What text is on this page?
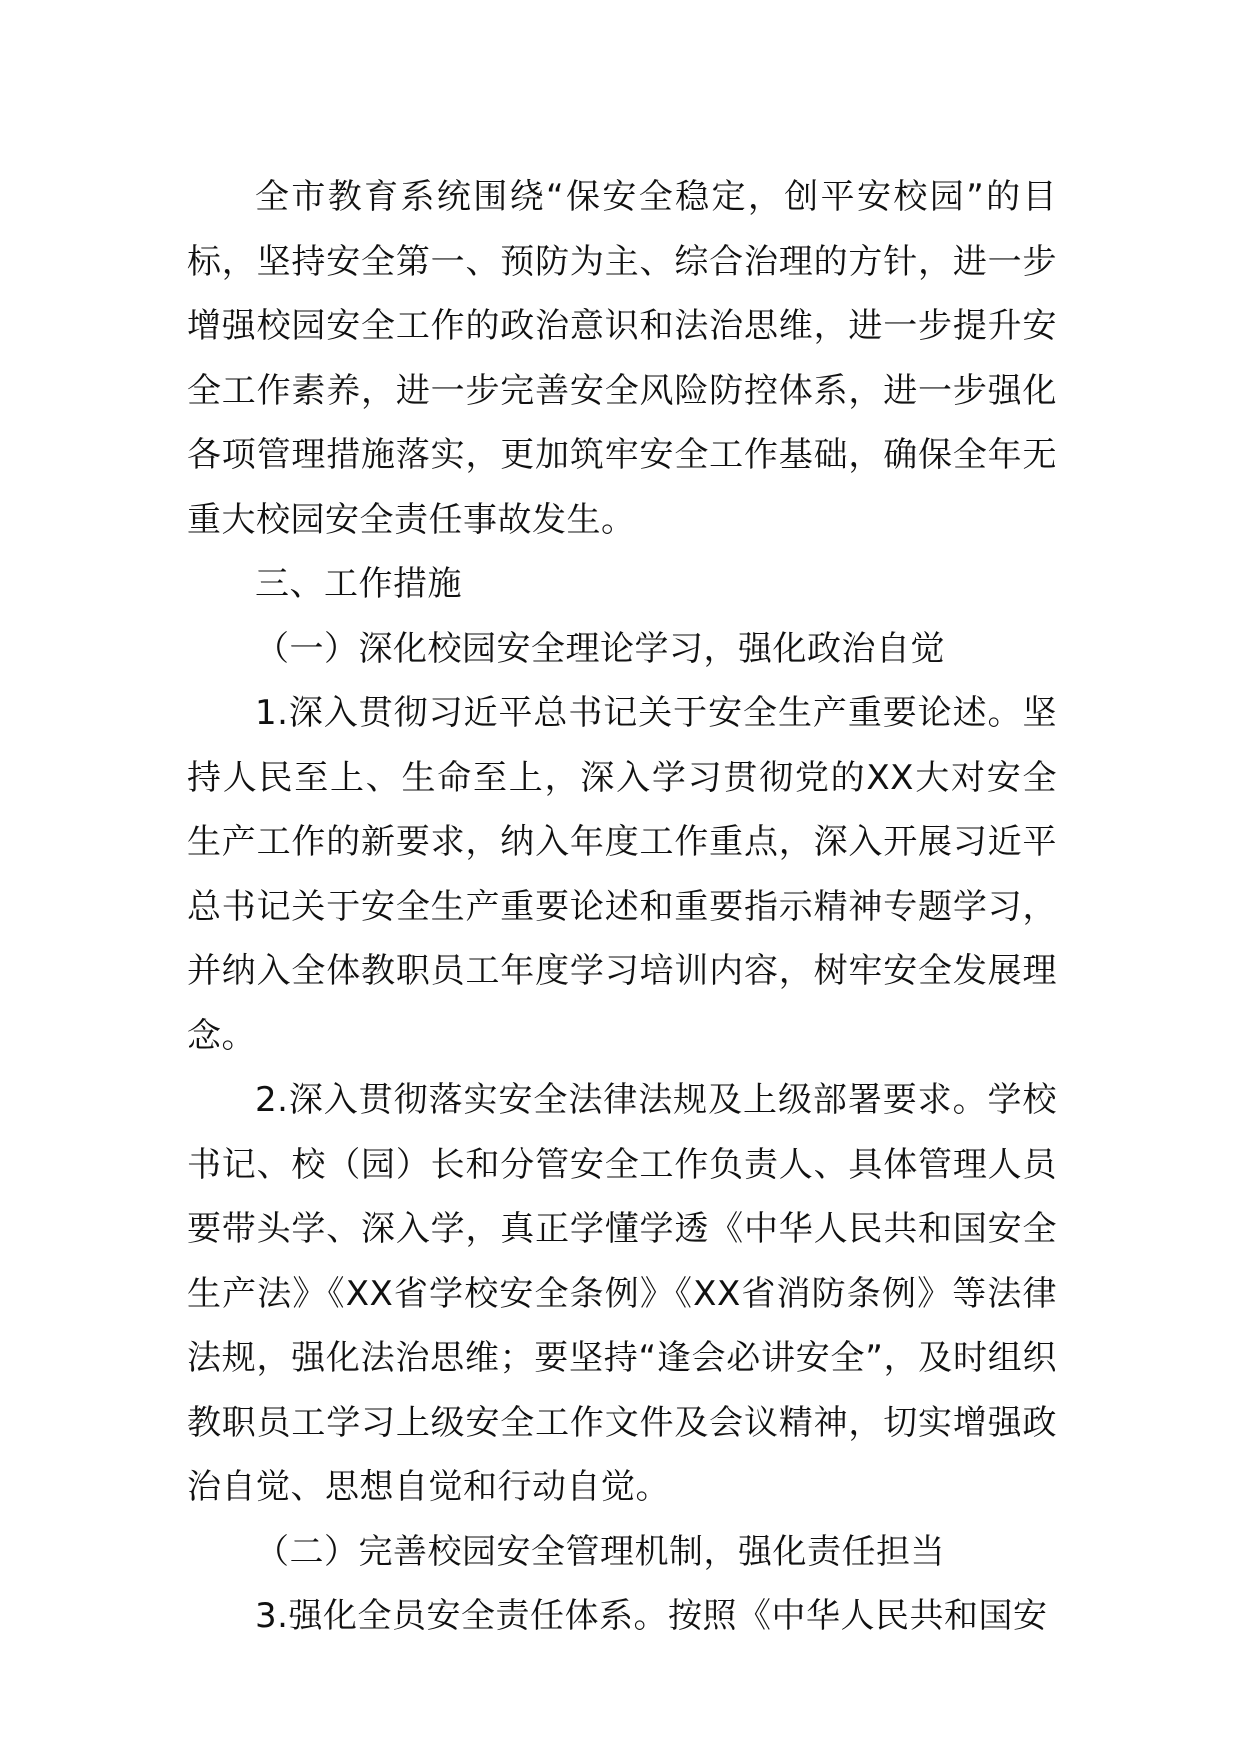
全市教育系统围绕“保安全稳定，创平安校园”的目标，坚持安全第一、预防为主、综合治理的方针，进一步增强校园安全工作的政治意识和法治思维，进一步提升安全工作素养，进一步完善安全风险防控体系，进一步强化各项管理措施落实，更加筑牢安全工作基础，确保全年无重大校园安全责任事故发生。

三、工作措施

（一）深化校园安全理论学习，强化政治自觉

1.深入贯彻习近平总书记关于安全生产重要论述。坚持人民至上、生命至上，深入学习贯彻党的XX大对安全生产工作的新要求，纳入年度工作重点，深入开展习近平总书记关于安全生产重要论述和重要指示精神专题学习，并纳入全体教职员工年度学习培训内容，树牢安全发展理念。

2.深入贯彻落实安全法律法规及上级部署要求。学校书记、校（园）长和分管安全工作负责人、具体管理人员要带头学、深入学，真正学懂学透《中华人民共和国安全生产法》《XX省学校安全条例》《XX省消防条例》等法律法规，强化法治思维；要坚持“逢会必讲安全”，及时组织教职员工学习上级安全工作文件及会议精神，切实增强政治自觉、思想自觉和行动自觉。

（二）完善校园安全管理机制，强化责任担当

3.强化全员安全责任体系。按照《中华人民共和国安
